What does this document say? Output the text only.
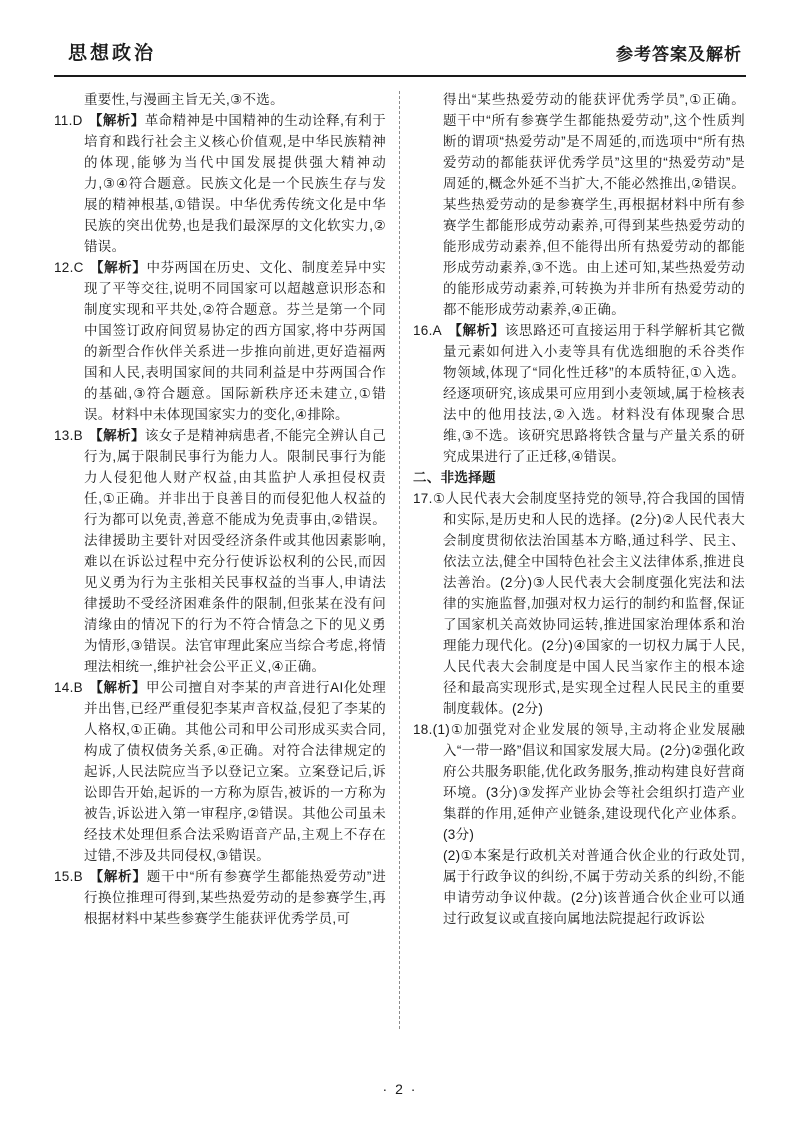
思想政治	参考答案及解析

重要性,与漫画主旨无关,③不选。

11.D 【解析】革命精神是中国精神的生动诠释,有利于培育和践行社会主义核心价值观,是中华民族精神的体现,能够为当代中国发展提供强大精神动力,③④符合题意。民族文化是一个民族生存与发展的精神根基,①错误。中华优秀传统文化是中华民族的突出优势,也是我们最深厚的文化软实力,②错误。

12.C 【解析】中芬两国在历史、文化、制度差异中实现了平等交往,说明不同国家可以超越意识形态和制度实现和平共处,②符合题意。芬兰是第一个同中国签订政府间贸易协定的西方国家,将中芬两国的新型合作伙伴关系进一步推向前进,更好造福两国和人民,表明国家间的共同利益是中芬两国合作的基础,③符合题意。国际新秩序还未建立,①错误。材料中未体现国家实力的变化,④排除。

13.B 【解析】该女子是精神病患者,不能完全辨认自己行为,属于限制民事行为能力人。限制民事行为能力人侵犯他人财产权益,由其监护人承担侵权责任,①正确。并非出于良善目的而侵犯他人权益的行为都可以免责,善意不能成为免责事由,②错误。法律援助主要针对因受经济条件或其他因素影响,难以在诉讼过程中充分行使诉讼权利的公民,而因见义勇为行为主张相关民事权益的当事人,申请法律援助不受经济困难条件的限制,但张某在没有问清缘由的情况下的行为不符合情急之下的见义勇为情形,③错误。法官审理此案应当综合考虑,将情理法相统一,维护社会公平正义,④正确。

14.B 【解析】甲公司擅自对李某的声音进行AI化处理并出售,已经严重侵犯李某声音权益,侵犯了李某的人格权,①正确。其他公司和甲公司形成买卖合同,构成了债权债务关系,④正确。对符合法律规定的起诉,人民法院应当予以登记立案。立案登记后,诉讼即告开始,起诉的一方称为原告,被诉的一方称为被告,诉讼进入第一审程序,②错误。其他公司虽未经技术处理但系合法采购语音产品,主观上不存在过错,不涉及共同侵权,③错误。

15.B 【解析】题干中“所有参赛学生都能热爱劳动”进行换位推理可得到,某些热爱劳动的是参赛学生,再根据材料中某些参赛学生能获评优秀学员,可

得出“某些热爱劳动的能获评优秀学员”,①正确。题干中“所有参赛学生都能热爱劳动”,这个性质判断的谓项“热爱劳动”是不周延的,而选项中“所有热爱劳动的都能获评优秀学员”这里的“热爱劳动”是周延的,概念外延不当扩大,不能必然推出,②错误。某些热爱劳动的是参赛学生,再根据材料中所有参赛学生都能形成劳动素养,可得到某些热爱劳动的能形成劳动素养,但不能得出所有热爱劳动的都能形成劳动素养,③不选。由上述可知,某些热爱劳动的能形成劳动素养,可转换为并非所有热爱劳动的都不能形成劳动素养,④正确。

16.A 【解析】该思路还可直接运用于科学解析其它微量元素如何进入小麦等具有优选细胞的禾谷类作物领域,体现了“同化性迁移”的本质特征,①入选。经逐项研究,该成果可应用到小麦领域,属于检核表法中的他用技法,②入选。材料没有体现聚合思维,③不选。该研究思路将铁含量与产量关系的研究成果进行了正迁移,④错误。

二、非选择题

17.①人民代表大会制度坚持党的领导,符合我国的国情和实际,是历史和人民的选择。(2分)②人民代表大会制度贯彻依法治国基本方略,通过科学、民主、依法立法,健全中国特色社会主义法律体系,推进良法善治。(2分)③人民代表大会制度强化宪法和法律的实施监督,加强对权力运行的制约和监督,保证了国家机关高效协同运转,推进国家治理体系和治理能力现代化。(2分)④国家的一切权力属于人民,人民代表大会制度是中国人民当家作主的根本途径和最高实现形式,是实现全过程人民民主的重要制度载体。(2分)

18.(1)①加强党对企业发展的领导,主动将企业发展融入“一带一路”倡议和国家发展大局。(2分)②强化政府公共服务职能,优化政务服务,推动构建良好营商环境。(3分)③发挥产业协会等社会组织打造产业集群的作用,延伸产业链条,建设现代化产业体系。(3分)

(2)①本案是行政机关对普通合伙企业的行政处罚,属于行政争议的纠纷,不属于劳动关系的纠纷,不能申请劳动争议仲裁。(2分)该普通合伙企业可以通过行政复议或直接向属地法院提起行政诉讼

· 2 ·
